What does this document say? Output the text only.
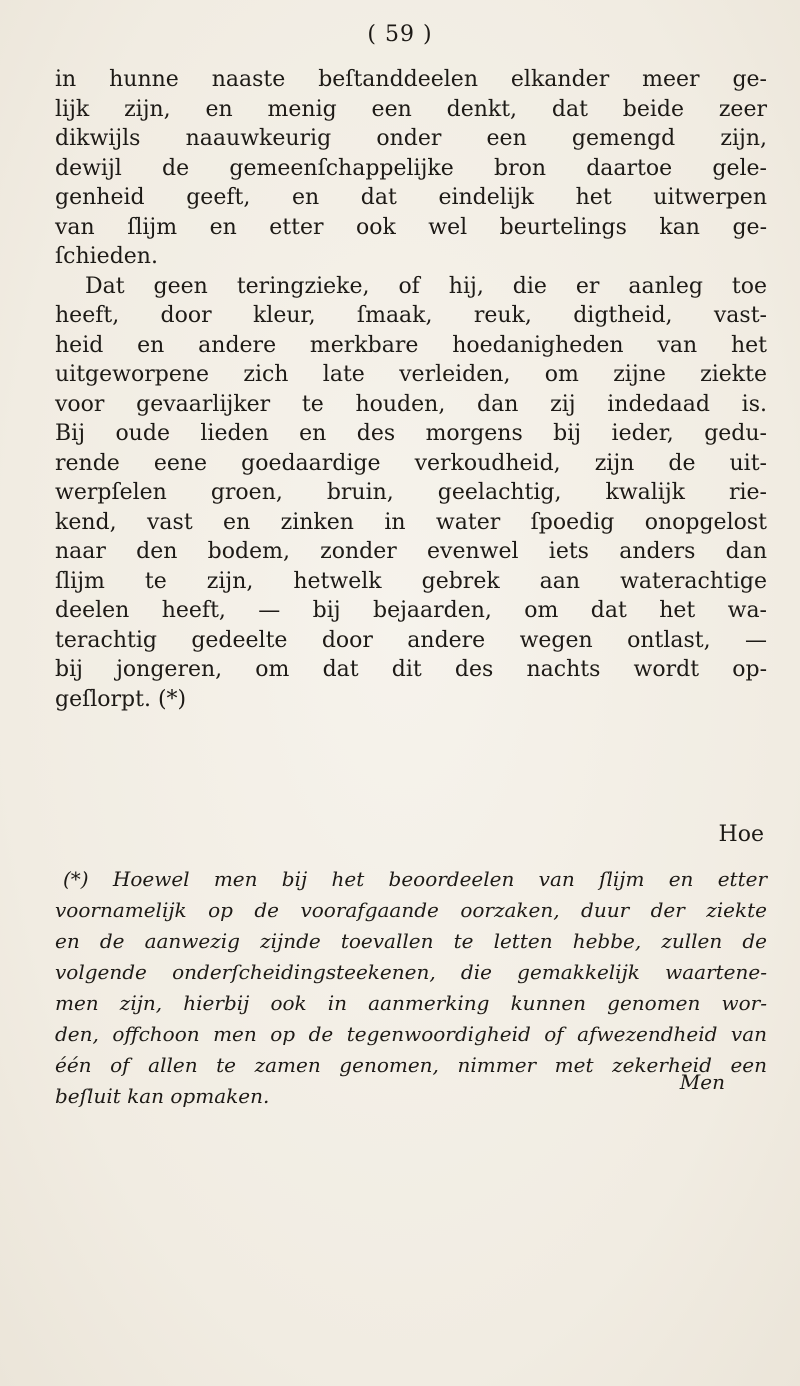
( 59 )
in hunne naaste beſtanddeelen elkander meer ge-
lijk zijn, en menig een denkt, dat beide zeer
dikwijls naauwkeurig onder een gemengd zijn,
dewijl de gemeenſchappelijke bron daartoe gele-
genheid geeft, en dat eindelijk het uitwerpen
van ſlijm en etter ook wel beurtelings kan ge-
ſchieden.
Dat geen teringzieke, of hij, die er aanleg toe
heeft, door kleur, ſmaak, reuk, digtheid, vast-
heid en andere merkbare hoedanigheden van het
uitgeworpene zich late verleiden, om zijne ziekte
voor gevaarlijker te houden, dan zij indedaad is.
Bij oude lieden en des morgens bij ieder, gedu-
rende eene goedaardige verkoudheid, zijn de uit-
werpſelen groen, bruin, geelachtig, kwalijk rie-
kend, vast en zinken in water ſpoedig onopgelost
naar den bodem, zonder evenwel iets anders dan
ſlijm te zijn, hetwelk gebrek aan waterachtige
deelen heeft, — bij bejaarden, om dat het wa-
terachtig gedeelte door andere wegen ontlast, —
bij jongeren, om dat dit des nachts wordt op-
geſlorpt. (*)
Hoe
(*) Hoewel men bij het beoordeelen van ſlijm en etter
voornamelijk op de voorafgaande oorzaken, duur der ziekte
en de aanwezig zijnde toevallen te letten hebbe, zullen de
volgende onderſcheidingsteekenen, die gemakkelijk waartene-
men zijn, hierbij ook in aanmerking kunnen genomen wor-
den, offchoon men op de tegenwoordigheid of afwezendheid van
één of allen te zamen genomen, nimmer met zekerheid een
beſluit kan opmaken.
Men
